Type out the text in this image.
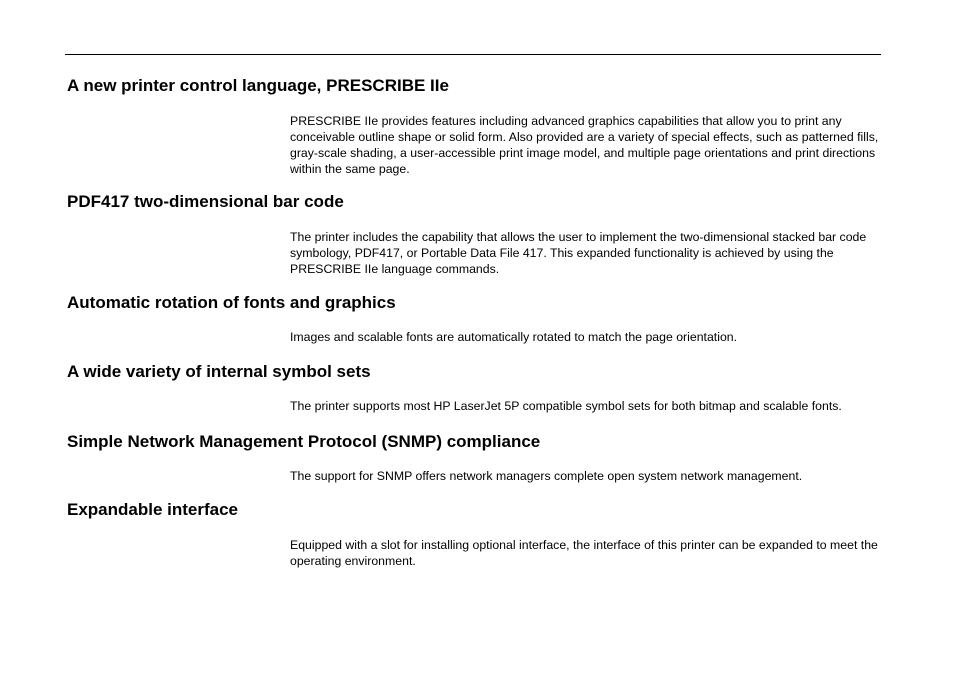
A new printer control language, PRESCRIBE IIe

PRESCRIBE IIe provides features including advanced graphics capabilities that allow you to print any conceivable outline shape or solid form. Also provided are a variety of special effects, such as patterned fills, gray-scale shading, a user-accessible print image model, and multiple page orientations and print directions within the same page.

PDF417 two-dimensional bar code

The printer includes the capability that allows the user to implement the two-dimensional stacked bar code symbology, PDF417, or Portable Data File 417. This expanded functionality is achieved by using the PRESCRIBE IIe language commands.

Automatic rotation of fonts and graphics

Images and scalable fonts are automatically rotated to match the page orientation.

A wide variety of internal symbol sets

The printer supports most HP LaserJet 5P compatible symbol sets for both bitmap and scalable fonts.

Simple Network Management Protocol (SNMP) compliance

The support for SNMP offers network managers complete open system network management.

Expandable interface

Equipped with a slot for installing optional interface, the interface of this printer can be expanded to meet the operating environment.
